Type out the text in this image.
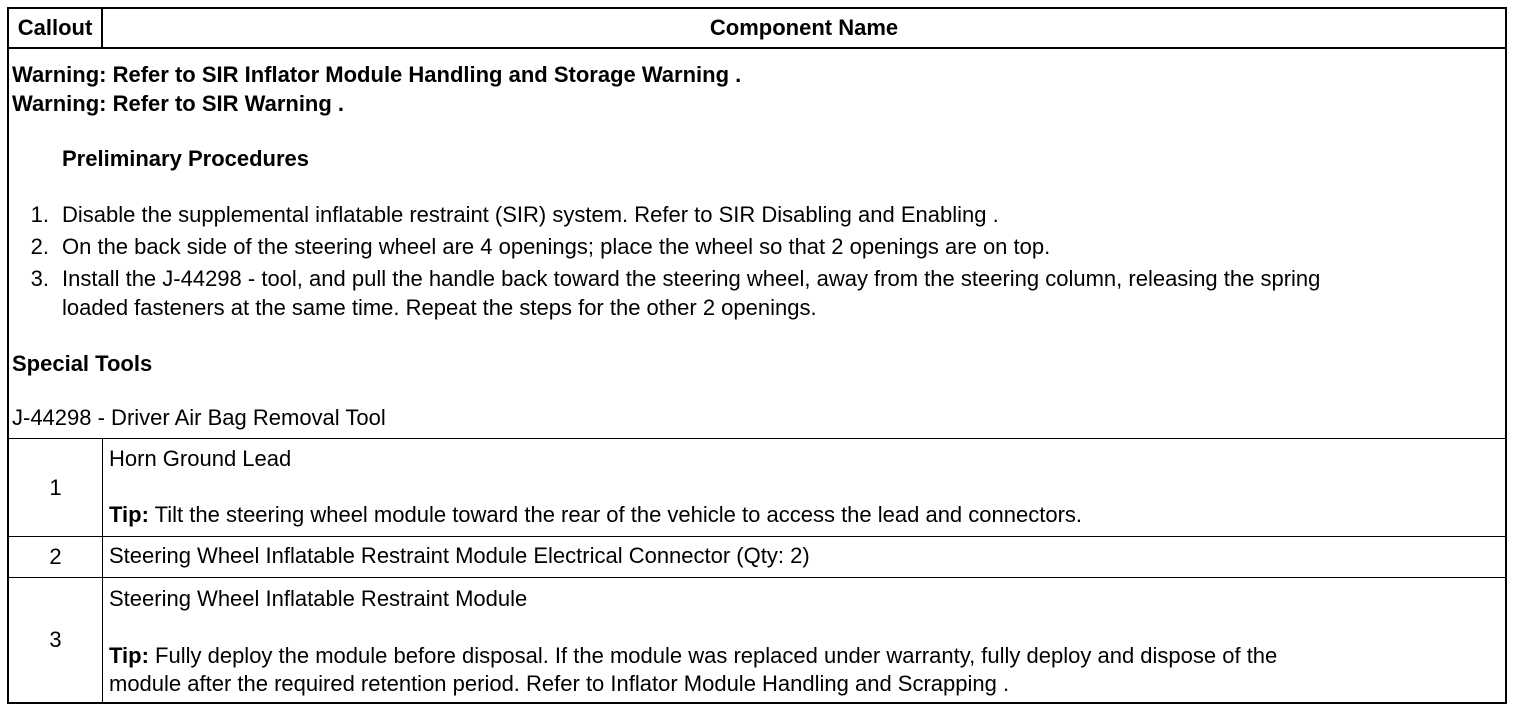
Callout	Component Name
Warning: Refer to SIR Inflator Module Handling and Storage Warning .
Warning: Refer to SIR Warning .
Preliminary Procedures
1. Disable the supplemental inflatable restraint (SIR) system. Refer to SIR Disabling and Enabling .
2. On the back side of the steering wheel are 4 openings; place the wheel so that 2 openings are on top.
3. Install the J-44298 - tool, and pull the handle back toward the steering wheel, away from the steering column, releasing the spring
loaded fasteners at the same time. Repeat the steps for the other 2 openings.
Special Tools
J-44298 - Driver Air Bag Removal Tool
1
Horn Ground Lead
Tip: Tilt the steering wheel module toward the rear of the vehicle to access the lead and connectors.
2	Steering Wheel Inflatable Restraint Module Electrical Connector (Qty: 2)
3
Steering Wheel Inflatable Restraint Module
Tip: Fully deploy the module before disposal. If the module was replaced under warranty, fully deploy and dispose of the
module after the required retention period. Refer to Inflator Module Handling and Scrapping .
